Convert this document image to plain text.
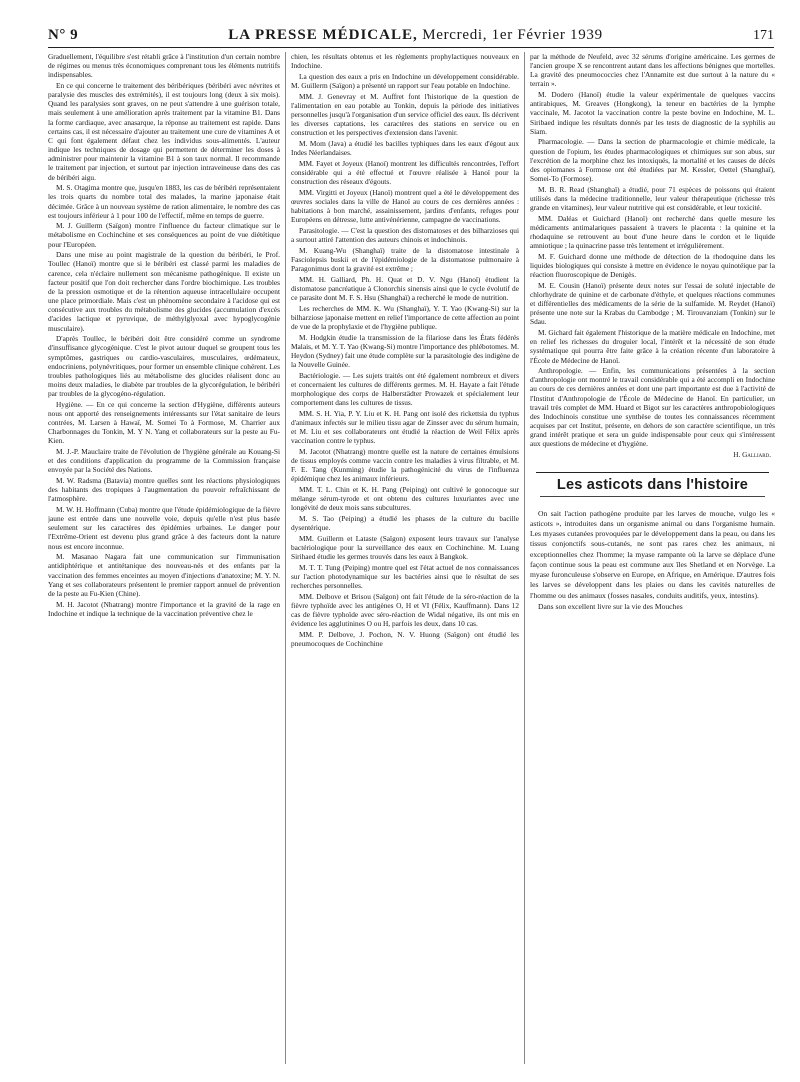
N° 9	LA PRESSE MÉDICALE, Mercredi, 1er Février 1939	171

Graduellement, l'équilibre s'est rétabli grâce à l'institution d'un certain nombre de régimes ou menus très économiques comprenant tous les éléments nutritifs indispensables.

En ce qui concerne le traitement des béribériques (béribéri avec névrites et paralysie des muscles des extrémités), il est toujours long (deux à six mois). Quand les paralysies sont graves, on ne peut s'attendre à une guérison totale, mais seulement à une amélioration après traitement par la vitamine B1. Dans la forme cardiaque, avec anasarque, la réponse au traitement est rapide. Dans certains cas, il est nécessaire d'ajouter au traitement une cure de vitamines A et C qui font également défaut chez les individus sous-alimentés. L'auteur indique les techniques de dosage qui permettent de déterminer les doses à administrer pour maintenir la vitamine B1 à son taux normal. Il recommande le traitement par injection, et surtout par injection intraveineuse dans des cas de béribéri aigu.

M. S. Otagima montre que, jusqu'en 1883, les cas de béribéri représentaient les trois quarts du nombre total des malades, la marine japonaise était décimée. Grâce à un nouveau système de ration alimentaire, le nombre des cas est toujours inférieur à 1 pour 100 de l'effectif, même en temps de guerre.

M. J. Guillerm (Saïgon) montre l'influence du facteur climatique sur le métabolisme en Cochinchine et ses conséquences au point de vue diététique pour l'Européen.

Dans une mise au point magistrale de la question du béribéri, le Prof. Toullec (Hanoï) montre que si le béribéri est classé parmi les maladies de carence, cela n'éclaire nullement son mécanisme pathogénique. Il existe un facteur positif que l'on doit rechercher dans l'ordre biochimique. Les troubles de la pression osmotique et de la rétention aqueuse intracellulaire occupent une place primordiale. Mais c'est un phénomène secondaire à l'acidose qui est consécutive aux troubles du métabolisme des glucides (accumulation d'excès d'acides lactique et pyruvique, de méthylglyoxal avec hypoglycogénie musculaire).

D'après Toullec, le béribéri doit être considéré comme un syndrome d'insuffisance glycogénique. C'est le pivot autour duquel se groupent tous les symptômes, gastriques ou cardio-vasculaires, musculaires, œdémateux, endocriniens, polynévritiques, pour former un ensemble clinique cohérent. Les troubles pathologiques liés au métabolisme des glucides réalisent donc au moins deux maladies, le diabète par troubles de la glycorégulation, le béribéri par troubles de la glycogéno-régulation.

Hygiène. — En ce qui concerne la section d'Hygiène, différents auteurs nous ont apporté des renseignements intéressants sur l'état sanitaire de leurs contrées, M. Larsen à Hawaï, M. Somei To à Formose, M. Charrier aux Charbonnages du Tonkin, M. Y N. Yang et collaborateurs sur la peste au Fu-Kien.

M. J.-P. Mauclaire traite de l'évolution de l'hygiène générale au Kouang-Si et des conditions d'application du programme de la Commission française envoyée par la Société des Nations.

M. W. Radsma (Batavia) montre quelles sont les réactions physiologiques des habitants des tropiques à l'augmentation du pouvoir refraîchissant de l'atmosphère.

M. W. H. Hoffmann (Cuba) montre que l'étude épidémiologique de la fièvre jaune est entrée dans une nouvelle voie, depuis qu'elle n'est plus basée seulement sur les caractères des épidémies urbaines. Le danger pour l'Extrême-Orient est devenu plus grand grâce à des facteurs dont la nature nous est encore inconnue.

M. Masanao Nagara fait une communication sur l'immunisation antidiphtérique et antitétanique des nouveau-nés et des enfants par la vaccination des femmes enceintes au moyen d'injections d'anatoxine; M. Y. N. Yang et ses collaborateurs présentent le premier rapport annuel de prévention de la peste au Fu-Kien (Chine).

M. H. Jacotot (Nhatrang) montre l'importance et la gravité de la rage en Indochine et indique la technique de la vaccination préventive chez le

chien, les résultats obtenus et les règlements prophylactiques nouveaux en Indochine.

La question des eaux a pris en Indochine un développement considérable. M. Guillerm (Saïgon) a présenté un rapport sur l'eau potable en Indochine.

MM. J. Genevray et M. Auffret font l'historique de la question de l'alimentation en eau potable au Tonkin, depuis la période des initiatives personnelles jusqu'à l'organisation d'un service officiel des eaux. Ils décrivent les diverses captations, les caractères des stations en service ou en construction et les perspectives d'extension dans l'avenir.

M. Mom (Java) a étudié les bacilles typhiques dans les eaux d'égout aux Indes Néerlandaises.

MM. Fayet et Joyeux (Hanoï) montrent les difficultés rencontrées, l'effort considérable qui a été effectué et l'œuvre réalisée à Hanoï pour la construction des réseaux d'égouts.

MM. Virgitti et Joyeux (Hanoï) montrent quel a été le développement des œuvres sociales dans la ville de Hanoï au cours de ces dernières années : habitations à bon marché, assainissement, jardins d'enfants, refuges pour Européens en détresse, lutte antivénérienne, campagne de vaccinations.

Parasitologie. — C'est la question des distomatoses et des bilharzioses qui a surtout attiré l'attention des auteurs chinois et indochinois.

M. Kuang-Wu (Shanghaï) traite de la distomatose intestinale à Fasciolepsis buskii et de l'épidémiologie de la distomatose pulmonaire à Paragonimus dont la gravité est extrême ;

MM. H. Galliard, Ph. H. Quat et D. V. Ngu (Hanoï) étudient la distomatose pancréatique à Clonorchis sinensis ainsi que le cycle évolutif de ce parasite dont M. F. S. Hsu (Shanghaï) a recherché le mode de nutrition.

Les recherches de MM. K. Wu (Shanghaï), Y. T. Yao (Kwang-Si) sur la bilharziose japonaise mettent en relief l'importance de cette affection au point de vue de la prophylaxie et de l'hygiène publique.

M. Hodgkin étudie la transmission de la filariose dans les États fédérés Malais, et M. Y. T. Yao (Kwang-Si) montre l'importance des phlébotomes. M. Heydon (Sydney) fait une étude complète sur la parasitologie des indigène de la Nouvelle Guinée.

Bactériologie. — Les sujets traités ont été également nombreux et divers et concernaient les cultures de différents germes. M. H. Hayate a fait l'étude morphologique des corps de Halberstädter Prowazek et spécialement leur comportement dans les cultures de tissus.

MM. S. H. Yia, P. Y. Liu et K. H. Pang ont isolé des rickettsia du typhus d'animaux infectés sur le milieu tissu agar de Zinsser avec du sérum humain, et M. Liu et ses collaborateurs ont étudié la réaction de Weil Félix après vaccination contre le typhus.

M. Jacotot (Nhatrang) montre quelle est la nature de certaines émulsions de tissus employés comme vaccin contre les maladies à virus filtrable, et M. F. E. Tang (Kunming) étudie la pathogénicité du virus de l'influenza épidémique chez les animaux inférieurs.

MM. T. L. Chin et K. H. Pang (Peiping) ont cultivé le gonocoque sur mélange sérum-tyrode et ont obtenu des cultures luxuriantes avec une longévité de deux mois sans subcultures.

M. S. Tao (Peiping) a étudié les phases de la culture du bacille dysentérique.

MM. Guillerm et Lataste (Saïgon) exposent leurs travaux sur l'analyse bactériologique pour la surveillance des eaux en Cochinchine. M. Luang Sirihaed étudie les germes trouvés dans les eaux à Bangkok.

M. T. T. Tung (Peiping) montre quel est l'état actuel de nos connaissances sur l'action photodynamique sur les bactéries ainsi que le résultat de ses recherches personnelles.

MM. Delbove et Brisou (Saïgon) ont fait l'étude de la séro-réaction de la fièvre typhoïde avec les antigènes O, H et VI (Félix, Kauffmann). Dans 12 cas de fièvre typhoïde avec séro-réaction de Widal négative, ils ont mis en évidence les agglutinines O ou H, parfois les deux, dans 10 cas.

MM. P. Delbove, J. Pochon, N. V. Huong (Saïgon) ont étudié les pneumocoques de Cochinchine

par la méthode de Neufeld, avec 32 sérums d'origine américaine. Les germes de l'ancien groupe X se rencontrent autant dans les affections bénignes que mortelles. La gravité des pneumococcies chez l'Annamite est due surtout à la nature du « terrain ».

M. Dodero (Hanoï) étudie la valeur expérimentale de quelques vaccins antirabiques, M. Greaves (Hongkong), la teneur en bactéries de la lymphe vaccinale, M. Jacotot la vaccination contre la peste bovine en Indochine, M. L. Siribaed indique les résultats donnés par les tests de diagnostic de la syphilis au Siam.

Pharmacologie. — Dans la section de pharmacologie et chimie médicale, la question de l'opium, les études pharmacologiques et chimiques sur son abus, sur l'excrétion de la morphine chez les intoxiqués, la mortalité et les causes de décès des opiomanes à Formose ont été étudiées par M. Kessler, Oettel (Shanghaï), Somei-To (Formose).

M. B. R. Read (Shanghaï) a étudié, pour 71 espèces de poissons qui étaient utilisés dans la médecine traditionnelle, leur valeur thérapeutique (richesse très grande en vitamines), leur valeur nutritive qui est considérable, et leur toxicité.

MM. Daléas et Guichard (Hanoï) ont recherché dans quelle mesure les médicaments antimalariques passaient à travers le placenta : la quinine et la rhodaquine se retrouvent au bout d'une heure dans le cordon et le liquide amniotique ; la quinacrine passe très lentement et irrégulièrement.

M. F. Guichard donne une méthode de détection de la rhodoquine dans les liquides biologiques qui consiste à mettre en évidence le noyau quinotéique par la réaction fluoroscopique de Denigès.

M. E. Cousin (Hanoï) présente deux notes sur l'essai de soluté injectable de chlorhydrate de quinine et de carbonate d'éthyle, et quelques réactions communes et différentielles des médicaments de la série de la sulfamide. M. Reydet (Hanoï) présente une note sur la Krabas du Cambodge ; M. Tirouvanziam (Tonkin) sur le Sdau.

M. Gichard fait également l'historique de la matière médicale en Indochine, met en relief les richesses du droguier local, l'intérêt et la nécessité de son étude systématique qui pourra être faite grâce à la création récente d'un laboratoire à l'École de Médecine de Hanoï.

Anthropologie. — Enfin, les communications présentées à la section d'anthropologie ont montré le travail considérable qui a été accompli en Indochine au cours de ces dernières années et dont une part importante est due à l'activité de l'Institut d'Anthropologie de l'École de Médecine de Hanoï. En particulier, un travail très complet de MM. Huard et Bigot sur les caractères anthropobiologiques des Indochinois constitue une synthèse de toutes les connaissances récemment acquises par cet Institut, présente, en dehors de son caractère scientifique, un très grand intérêt pratique et sera un guide indispensable pour ceux qui s'intéressent aux questions de médecine et d'hygiène.

H. Galliard.

Les asticots dans l'histoire

On sait l'action pathogène produite par les larves de mouche, vulgo les « asticots », introduites dans un organisme animal ou dans l'organisme humain. Les myases cutanées provoquées par le développement dans la peau, ou dans les tissus conjonctifs sous-cutanés, ne sont pas rares chez les animaux, ni exceptionnelles chez l'homme; la myase rampante où la larve se déplace d'une façon continue sous la peau est commune aux îles Shetland et en Norvège. La myase furonculeuse s'observe en Europe, en Afrique, en Amérique. D'autres fois les larves se développent dans les plaies ou dans les cavités naturelles de l'homme ou des animaux (fosses nasales, conduits auditifs, yeux, intestins).

Dans son excellent livre sur la vie des Mouches
